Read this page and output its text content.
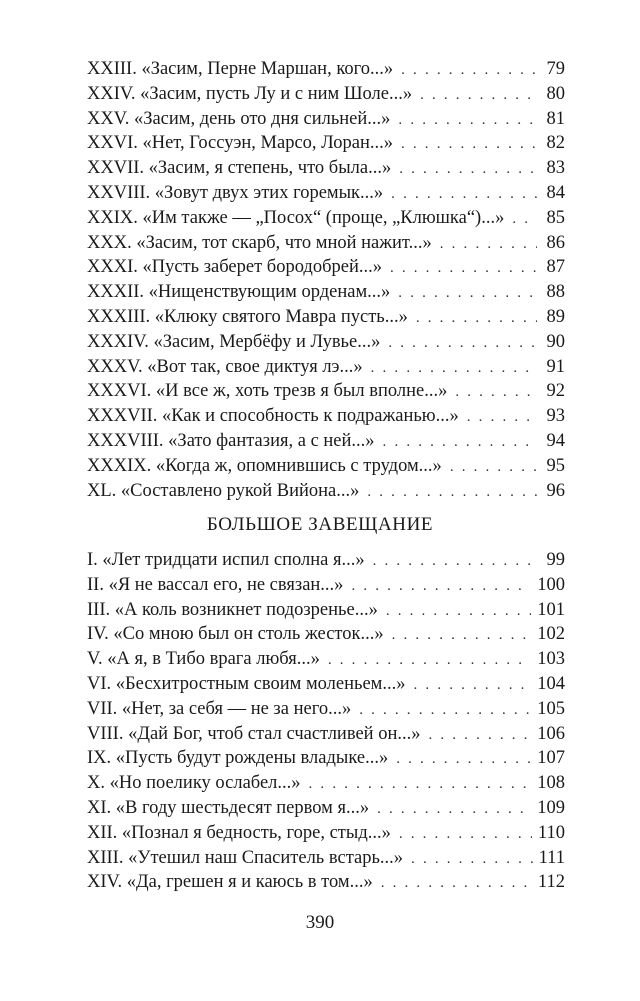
XXIII. «Засим, Перне Маршан, кого...» . . .	79
XXIV. «Засим, пусть Лу и с ним Шоле...» . . .	80
XXV. «Засим, день ото дня сильней...» . . .	81
XXVI. «Нет, Госсуэн, Марсо, Лоран...» . . .	82
XXVII. «Засим, я степень, что была...» . . .	83
XXVIII. «Зовут двух этих горемык...» . . .	84
XXIX. «Им также — „Посох“ (проще, „Клюшка“)...» . . . 85
XXX. «Засим, тот скарб, что мной нажит...» . . .	86
XXXI. «Пусть заберет бородобрей...» . . .	87
XXXII. «Нищенствующим орденам...» . . .	88
XXXIII. «Клюку святого Мавра пусть...» . . .	89
XXXIV. «Засим, Мербёфу и Лувье...» . . .	90
XXXV. «Вот так, свое диктуя лэ...» . . .	91
XXXVI. «И все ж, хоть трезв я был вполне...» . . .	92
XXXVII. «Как и способность к подражанью...» . . .	93
XXXVIII. «Зато фантазия, а с ней...» . . .	94
XXXIX. «Когда ж, опомнившись с трудом...» . . .	95
XL. «Составлено рукой Вийона...» . . .	96
БОЛЬШОЕ ЗАВЕЩАНИЕ
I. «Лет тридцати испил сполна я...» . . .	99
II. «Я не вассал его, не связан...» . . .	100
III. «А коль возникнет подозренье...» . . .	101
IV. «Со мною был он столь жесток...» . . .	102
V. «А я, в Тибо врага любя...» . . .	103
VI. «Бесхитростным своим моленьем...» . . .	104
VII. «Нет, за себя — не за него...» . . .	105
VIII. «Дай Бог, чтоб стал счастливей он...» . . .	106
IX. «Пусть будут рождены владыке...» . . .	107
X. «Но поелику ослабел...» . . .	108
XI. «В году шестьдесят первом я...» . . .	109
XII. «Познал я бедность, горе, стыд...» . . .	110
XIII. «Утешил наш Спаситель встарь...» . . .	111
XIV. «Да, грешен я и каюсь в том...» . . .	112
390
